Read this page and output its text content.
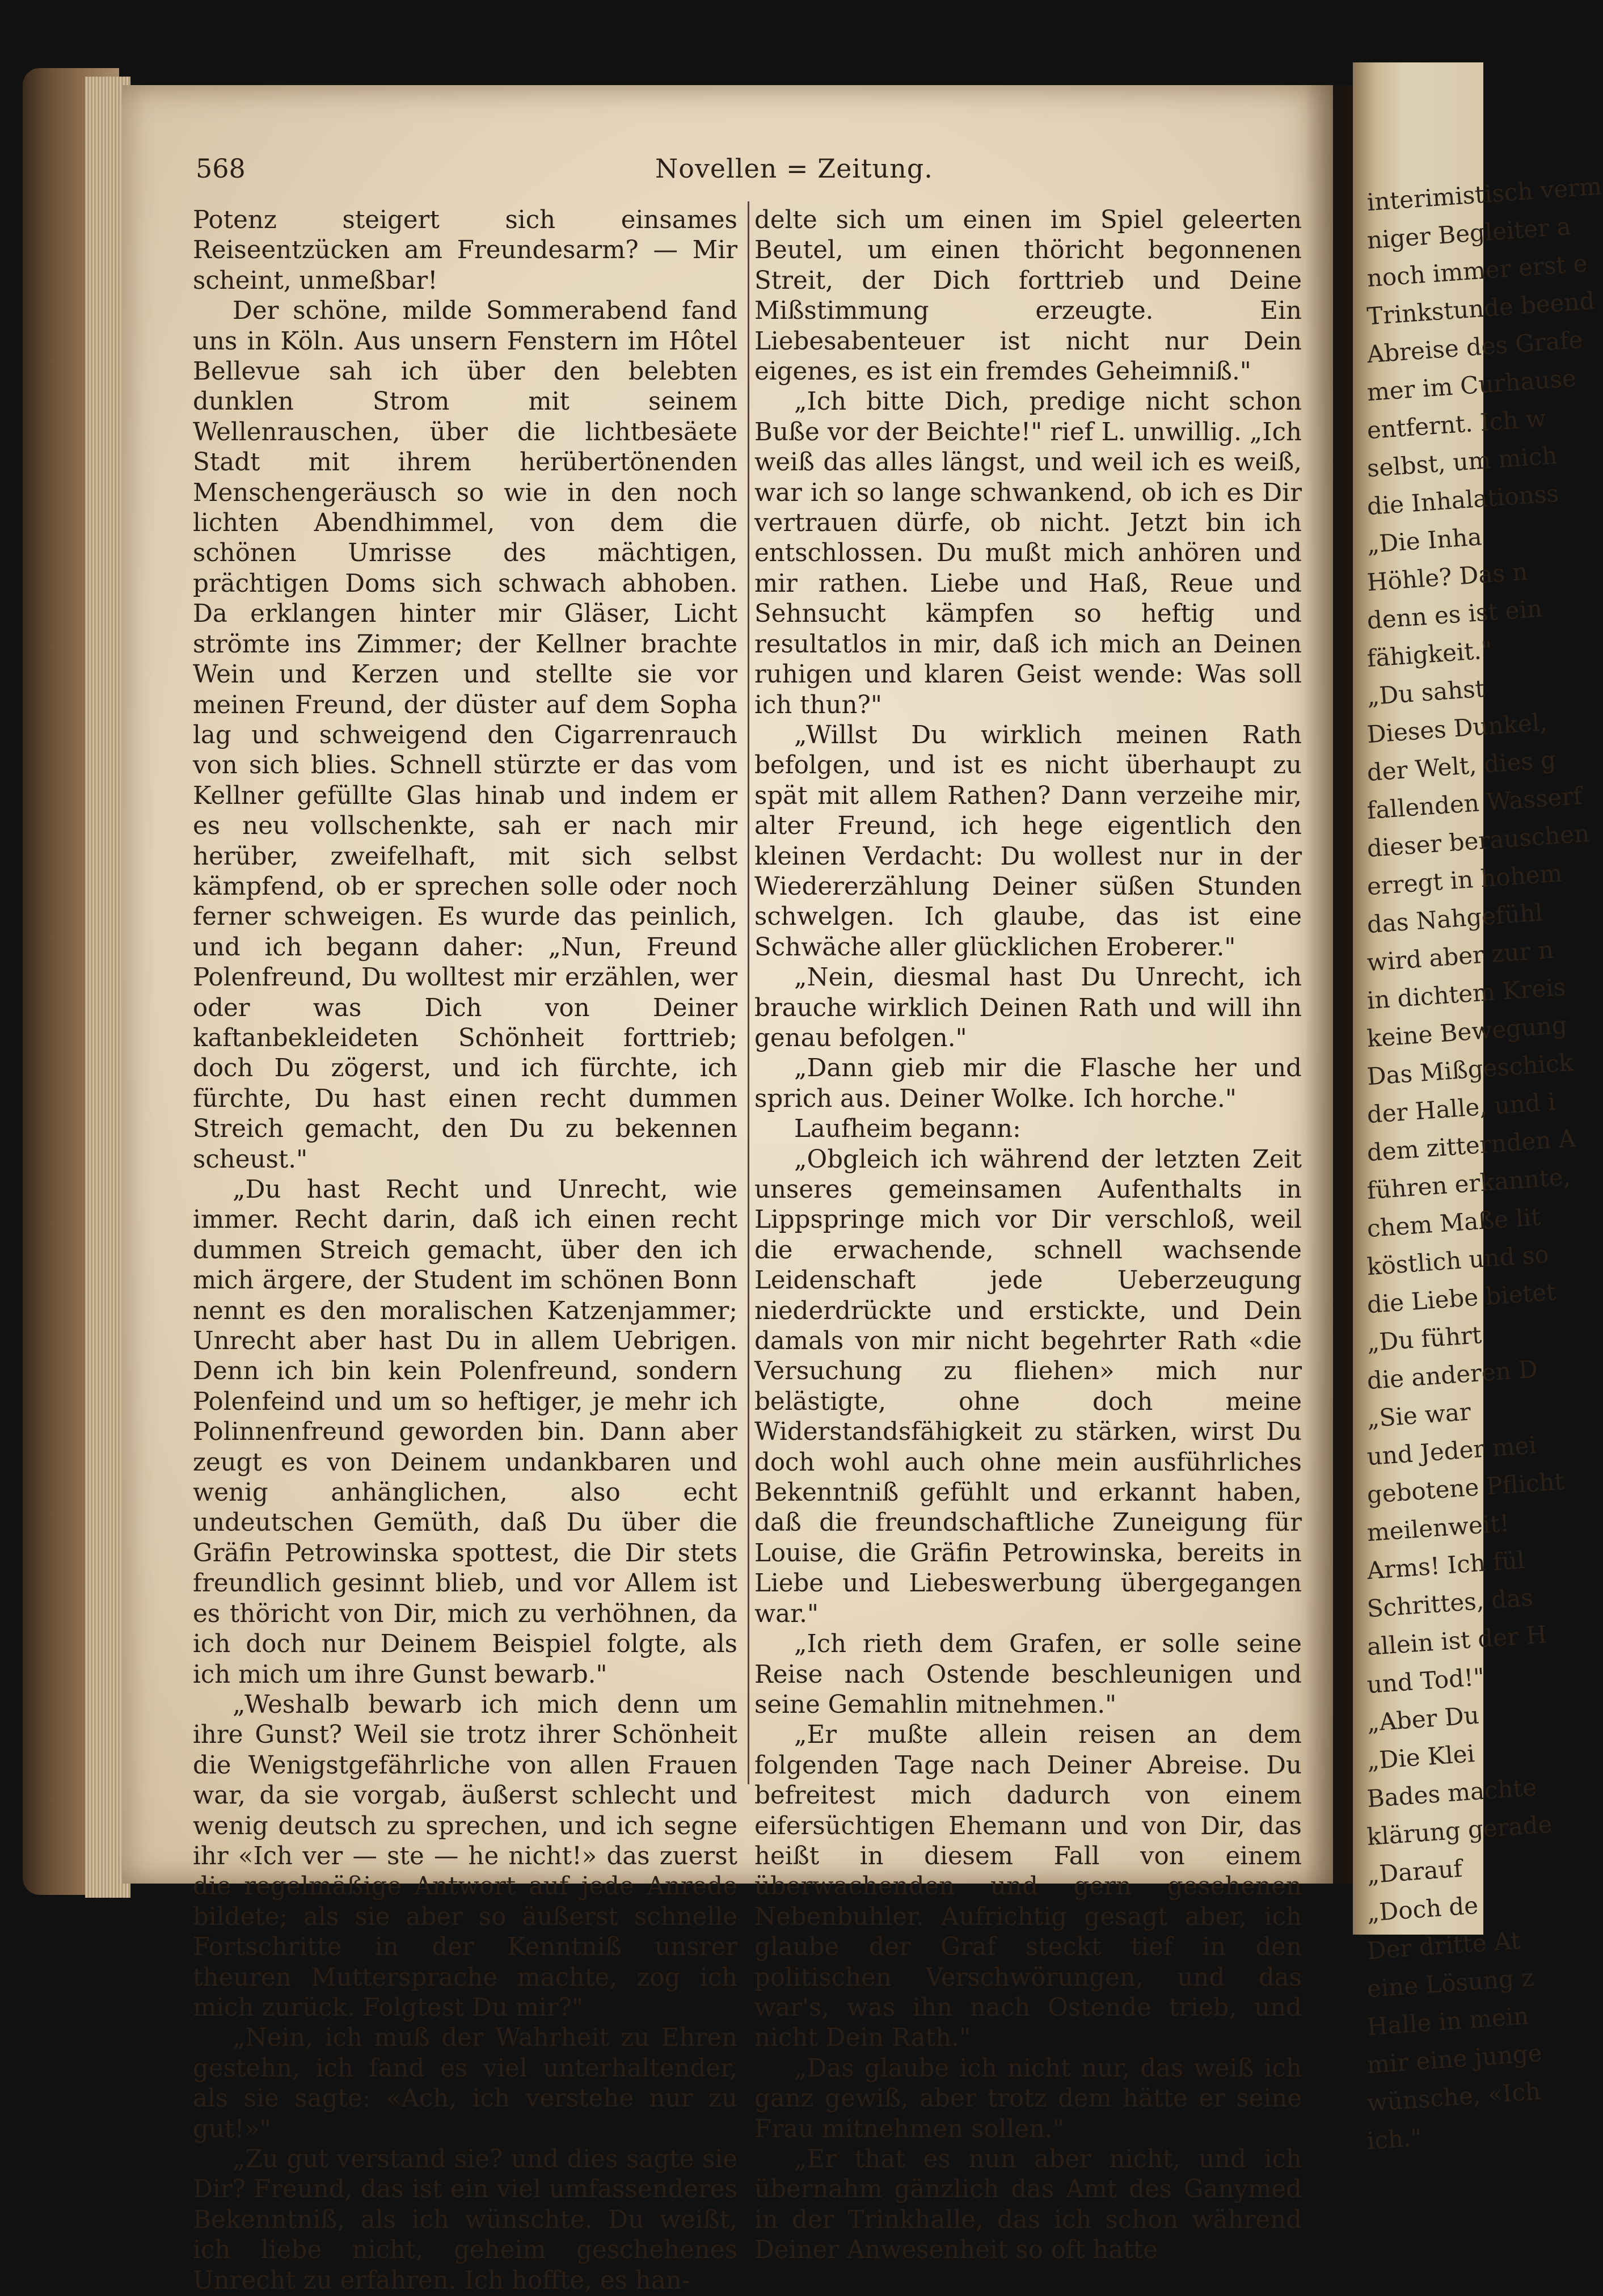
interimistisch verm
niger Begleiter a
noch immer erst e
Trinkstunde beend
Abreise des Grafe
mer im Curhause
entfernt. Ich w
selbst, um mich
die Inhalationss
„Die Inha
Höhle? Das n
denn es ist ein
fähigkeit."
„Du sahst
Dieses Dunkel,
der Welt, dies g
fallenden Wasserf
dieser berauschen
erregt in hohem
das Nahgefühl
wird aber zur n
in dichtem Kreis
keine Bewegung
Das Mißgeschick
der Halle, und i
dem zitternden A
führen erkannte,
chem Maße lit
köstlich und so
die Liebe bietet
„Du führt
die anderen D
„Sie war
und Jeder mei
gebotene Pflicht
meilenweit!
Arms! Ich fül
Schrittes, das
allein ist der H
und Tod!"
„Aber Du
„Die Klei
Bades machte
klärung gerade
„Darauf
„Doch de
Der dritte At
eine Lösung z
Halle in mein
mir eine junge
wünsche, «Ich
ich."
568	Novellen = Zeitung.

Potenz steigert sich einsames Reiseentzücken am Freundesarm? — Mir scheint, unmeßbar!

Der schöne, milde Sommerabend fand uns in Köln. Aus unsern Fenstern im Hôtel Bellevue sah ich über den belebten dunklen Strom mit seinem Wellenrauschen, über die lichtbesäete Stadt mit ihrem herübertönenden Menschengeräusch so wie in den noch lichten Abendhimmel, von dem die schönen Umrisse des mächtigen, prächtigen Doms sich schwach abhoben. Da erklangen hinter mir Gläser, Licht strömte ins Zimmer; der Kellner brachte Wein und Kerzen und stellte sie vor meinen Freund, der düster auf dem Sopha lag und schweigend den Cigarrenrauch von sich blies. Schnell stürzte er das vom Kellner gefüllte Glas hinab und indem er es neu vollschenkte, sah er nach mir herüber, zweifelhaft, mit sich selbst kämpfend, ob er sprechen solle oder noch ferner schweigen. Es wurde das peinlich, und ich begann daher: „Nun, Freund Polenfreund, Du wolltest mir erzählen, wer oder was Dich von Deiner kaftanbekleideten Schönheit forttrieb; doch Du zögerst, und ich fürchte, ich fürchte, Du hast einen recht dummen Streich gemacht, den Du zu bekennen scheust."

„Du hast Recht und Unrecht, wie immer. Recht darin, daß ich einen recht dummen Streich gemacht, über den ich mich ärgere, der Student im schönen Bonn nennt es den moralischen Katzenjammer; Unrecht aber hast Du in allem Uebrigen. Denn ich bin kein Polenfreund, sondern Polenfeind und um so heftiger, je mehr ich Polinnenfreund geworden bin. Dann aber zeugt es von Deinem undankbaren und wenig anhänglichen, also echt undeutschen Gemüth, daß Du über die Gräfin Petrowinska spottest, die Dir stets freundlich gesinnt blieb, und vor Allem ist es thöricht von Dir, mich zu verhöhnen, da ich doch nur Deinem Beispiel folgte, als ich mich um ihre Gunst bewarb."

„Weshalb bewarb ich mich denn um ihre Gunst? Weil sie trotz ihrer Schönheit die Wenigstgefährliche von allen Frauen war, da sie vorgab, äußerst schlecht und wenig deutsch zu sprechen, und ich segne ihr «Ich ver — ste — he nicht!» das zuerst die regelmäßige Antwort auf jede Anrede bildete; als sie aber so äußerst schnelle Fortschritte in der Kenntniß unsrer theuren Muttersprache machte, zog ich mich zurück. Folgtest Du mir?"

„Nein, ich muß der Wahrheit zu Ehren gestehn, ich fand es viel unterhaltender, als sie sagte: «Ach, ich verstehe nur zu gut!»"

„Zu gut verstand sie? und dies sagte sie Dir? Freund, das ist ein viel umfassenderes Bekenntniß, als ich wünschte. Du weißt, ich liebe nicht, geheim geschehenes Unrecht zu erfahren. Ich hoffte, es han-

delte sich um einen im Spiel geleerten Beutel, um einen thöricht begonnenen Streit, der Dich forttrieb und Deine Mißstimmung erzeugte. Ein Liebesabenteuer ist nicht nur Dein eigenes, es ist ein fremdes Geheimniß."

„Ich bitte Dich, predige nicht schon Buße vor der Beichte!" rief L. unwillig. „Ich weiß das alles längst, und weil ich es weiß, war ich so lange schwankend, ob ich es Dir vertrauen dürfe, ob nicht. Jetzt bin ich entschlossen. Du mußt mich anhören und mir rathen. Liebe und Haß, Reue und Sehnsucht kämpfen so heftig und resultatlos in mir, daß ich mich an Deinen ruhigen und klaren Geist wende: Was soll ich thun?"

„Willst Du wirklich meinen Rath befolgen, und ist es nicht überhaupt zu spät mit allem Rathen? Dann verzeihe mir, alter Freund, ich hege eigentlich den kleinen Verdacht: Du wollest nur in der Wiedererzählung Deiner süßen Stunden schwelgen. Ich glaube, das ist eine Schwäche aller glücklichen Eroberer."

„Nein, diesmal hast Du Unrecht, ich brauche wirklich Deinen Rath und will ihn genau befolgen."

„Dann gieb mir die Flasche her und sprich aus. Deiner Wolke. Ich horche."

Laufheim begann:

„Obgleich ich während der letzten Zeit unseres gemeinsamen Aufenthalts in Lippspringe mich vor Dir verschloß, weil die erwachende, schnell wachsende Leidenschaft jede Ueberzeugung niederdrückte und erstickte, und Dein damals von mir nicht begehrter Rath «die Versuchung zu fliehen» mich nur belästigte, ohne doch meine Widerstandsfähigkeit zu stärken, wirst Du doch wohl auch ohne mein ausführliches Bekenntniß gefühlt und erkannt haben, daß die freundschaftliche Zuneigung für Louise, die Gräfin Petrowinska, bereits in Liebe und Liebeswerbung übergegangen war."

„Ich rieth dem Grafen, er solle seine Reise nach Ostende beschleunigen und seine Gemahlin mitnehmen."

„Er mußte allein reisen an dem folgenden Tage nach Deiner Abreise. Du befreitest mich dadurch von einem eifersüchtigen Ehemann und von Dir, das heißt in diesem Fall von einem überwachenden und gern gesehenen Nebenbuhler. Aufrichtig gesagt aber, ich glaube der Graf steckt tief in den politischen Verschwörungen, und das war's, was ihn nach Ostende trieb, und nicht Dein Rath."

„Das glaube ich nicht nur, das weiß ich ganz gewiß, aber trotz dem hätte er seine Frau mitnehmen sollen."

„Er that es nun aber nicht, und ich übernahm gänzlich das Amt des Ganymed in der Trinkhalle, das ich schon während Deiner Anwesenheit so oft hatte
